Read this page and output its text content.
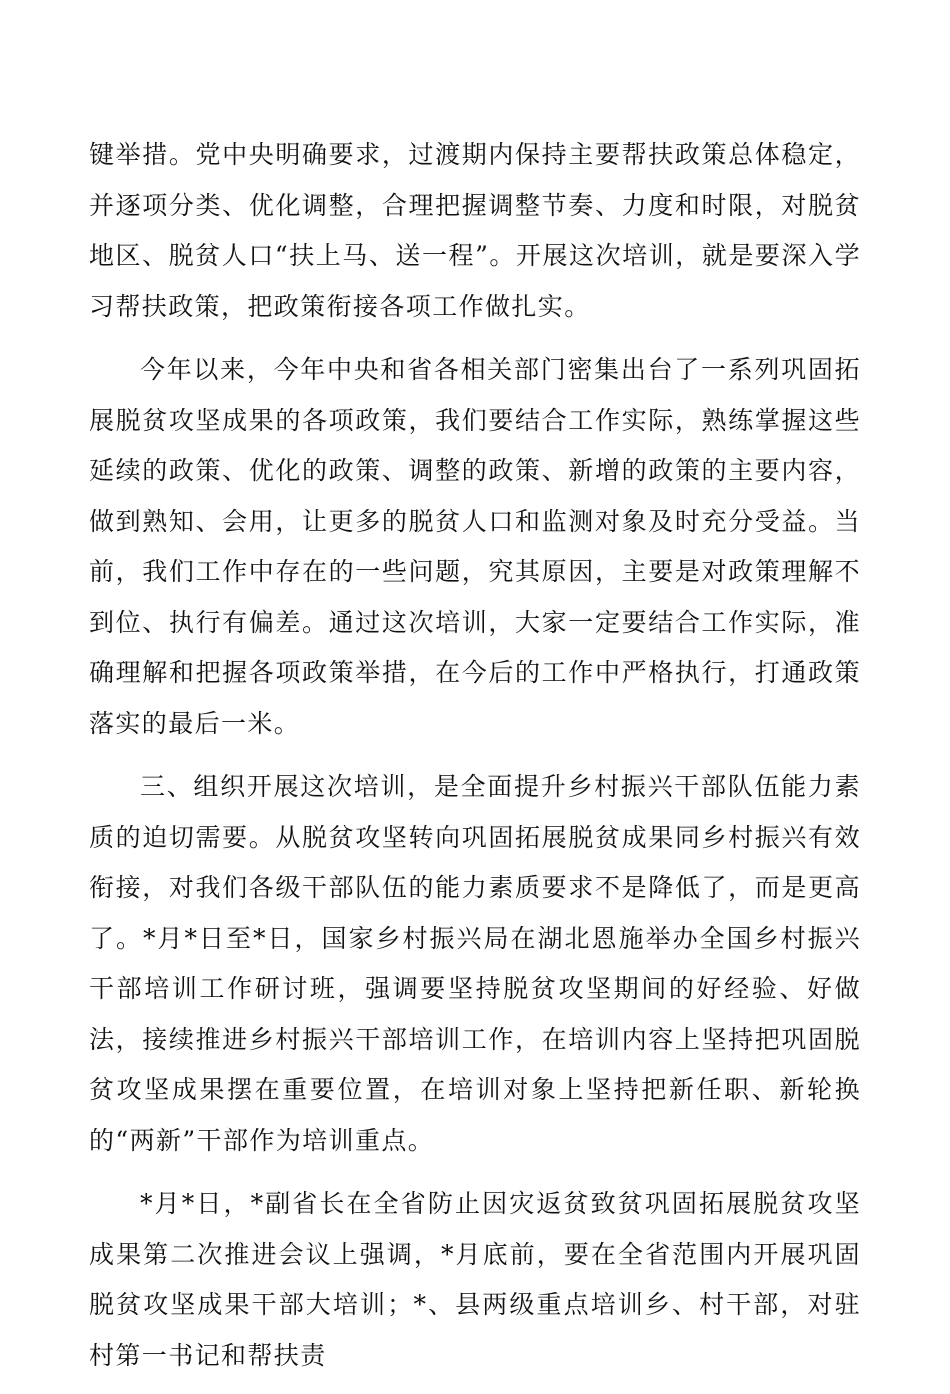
键举措。党中央明确要求，过渡期内保持主要帮扶政策总体稳定，并逐项分类、优化调整，合理把握调整节奏、力度和时限，对脱贫地区、脱贫人口“扶上马、送一程”。开展这次培训，就是要深入学习帮扶政策，把政策衔接各项工作做扎实。

今年以来，今年中央和省各相关部门密集出台了一系列巩固拓展脱贫攻坚成果的各项政策，我们要结合工作实际，熟练掌握这些延续的政策、优化的政策、调整的政策、新增的政策的主要内容，做到熟知、会用，让更多的脱贫人口和监测对象及时充分受益。当前，我们工作中存在的一些问题，究其原因，主要是对政策理解不到位、执行有偏差。通过这次培训，大家一定要结合工作实际，准确理解和把握各项政策举措，在今后的工作中严格执行，打通政策落实的最后一米。

三、组织开展这次培训，是全面提升乡村振兴干部队伍能力素质的迫切需要。从脱贫攻坚转向巩固拓展脱贫成果同乡村振兴有效衔接，对我们各级干部队伍的能力素质要求不是降低了，而是更高了。*月*日至*日，国家乡村振兴局在湖北恩施举办全国乡村振兴干部培训工作研讨班，强调要坚持脱贫攻坚期间的好经验、好做法，接续推进乡村振兴干部培训工作，在培训内容上坚持把巩固脱贫攻坚成果摆在重要位置，在培训对象上坚持把新任职、新轮换的“两新”干部作为培训重点。

*月*日，*副省长在全省防止因灾返贫致贫巩固拓展脱贫攻坚成果第二次推进会议上强调，*月底前，要在全省范围内开展巩固脱贫攻坚成果干部大培训；*、县两级重点培训乡、村干部，对驻村第一书记和帮扶责
